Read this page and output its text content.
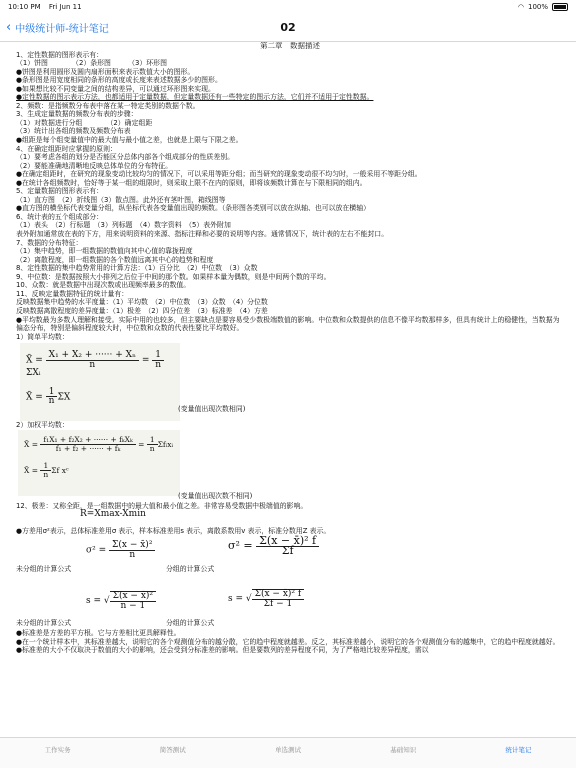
10:10 PM Fri Jun 11	◠ 100%
‹ 中级统计师-统计笔记	02

第二章　数据描述

1、定性数据的图形表示有：

（1）饼图　　　　（2）条形图　　　（3）环形图

●饼图是利用圆形及圆内扇形面积来表示数值大小的图形。

●条形图是用宽度相同的条形的高度或长度来表述数据多少的图形。

●如果想比较不同变量之间的结构差异，可以通过环形图来实现。

●定性数据的图示表示方法，也都适用于定量数据，但定量数据还有一些特定的图示方法，它们并不适用于定性数据。

2、频数：是指频数分布表中落在某一特定类别的数据个数。

3、生成定量数据的频数分布表的步骤：

（1）对数据进行分组　　　　（2）确定组距

（3）统计出各组的频数及频数分布表

●组距是每个组变量值中的最大值与最小值之差，也就是上限与下限之差。

4、在确定组距时应掌握的原则：

（1）要考虑各组的划分是否能区分总体内部各个组成部分的性质差别。

（2）要能准确地清晰地反映总体单位的分布特征。

●在确定组距时，在研究的现象变动比较均匀的情况下，可以采用等距分组；而当研究的现象变动很不均匀时，一般采用不等距分组。

●在统计各组频数时，恰好等于某一组的组限时，则采取上限不在内的原则，即将该频数计算在与下限相同的组内。

5、定量数据的图形表示有：

（1）直方图　（2）折线图（3）散点图。此外还有茎叶图，箱线图等

●直方图的横坐标代表变量分组，纵坐标代表各变量值出现的频数。（条形图各类别可以放在纵轴、也可以放在横轴）

6、统计表的五个组成部分：

（1）表头　（2）行标题　（3）列标题　（4）数字资料　（5）表外附加

表外附加通常放在表的下方，用来说明资料的来源、指标注释和必要的说明等内容。通常情况下，统计表的左右不能封口。

7、数据的分布特征：

（1）集中趋势，即一组数据的数值向其中心值的靠拢程度

（2）离散程度，即一组数据的各个数值远离其中心的趋势和程度

8、定性数据的集中趋势常用的计算方法：（1）百分比　（2）中位数　（3）众数

9、中位数：是数据按照大小排列之后位于中间的那个数。如果样本量为偶数，则是中间两个数的平均。

10、众数：就是数据中出现次数或出现频率最多的数值。

11、反映定量数据特征的统计量有：

反映数据集中趋势的水平度量：（1）平均数　（2）中位数　（3）众数　（4）分位数

反映数据离散程度的差异度量：（1）极差　（2）四分位差　（3）标准差　（4）方差

●平均数最为多数人理解和接受。实际中用的也较多，但主要缺点是要容易受少数极端数值的影响。中位数和众数提供的信息不像平均数那样多，但具有统计上的稳健性，当数据为偏态分布，特别是偏斜程度较大时，中位数和众数的代表性要比平均数好。

1）简单平均数：

X̄ = $\frac{\text{X₁ + X₂ + ······ + Xₙ}}{n} = \frac{1}{n}$
ΣXᵢ
X̄ = $\frac{1}{n}$ ΣX
(变量值出现次数相同)

2）加权平均数：

X̄ = $\frac{\text{f₁X₁ + f₂X₂ + ······ + fₖXₖ}}{\text{f₁ + f₂ + ······ + fₖ}} = \frac{1}{n}$ Σfᵢxᵢ
X̄ = $\frac{1}{n}$ Σf xᶜ
(变量值出现次数不相同)

12、极差：又称全距，是一组数据中的最大值和最小值之差。非常容易受数据中极端值的影响。

R=Xmax-Xmin

●方差用σ²表示，总体标准差用σ 表示，样本标准差用s 表示，离散系数用v 表示，标准分数用Z 表示。

未分组的计算公式
$\sigma^2 = \frac{\text{Σ(x − x̄)²}}{n}$
分组的计算公式
$\sigma^2 = \frac{\text{Σ(x − x̄)² f}}{\Sigma f}$
未分组的计算公式
s = √ $\frac{\text{Σ(x − x̄)²}}{n - 1}$
分组的计算公式
s = √ $\frac{\text{Σ(x − x̄)² f}}{\Sigma f - 1}$

●标准差是方差的平方根。它与方差相比更具解释性。

●在一个统计样本中，其标准差越大，说明它的各个观测值分布的越分散，它的趋中程度就越差。反之，其标准差越小，说明它的各个观测值分布的越集中，它的趋中程度就越好。

●标准差的大小不仅取决于数值的大小的影响，还会受到分标准差的影响。但是要数列的差异程度不同，为了严格地比较差异程度，需以

工作实务	简答测试	单选测试	基础知识	统计笔记
